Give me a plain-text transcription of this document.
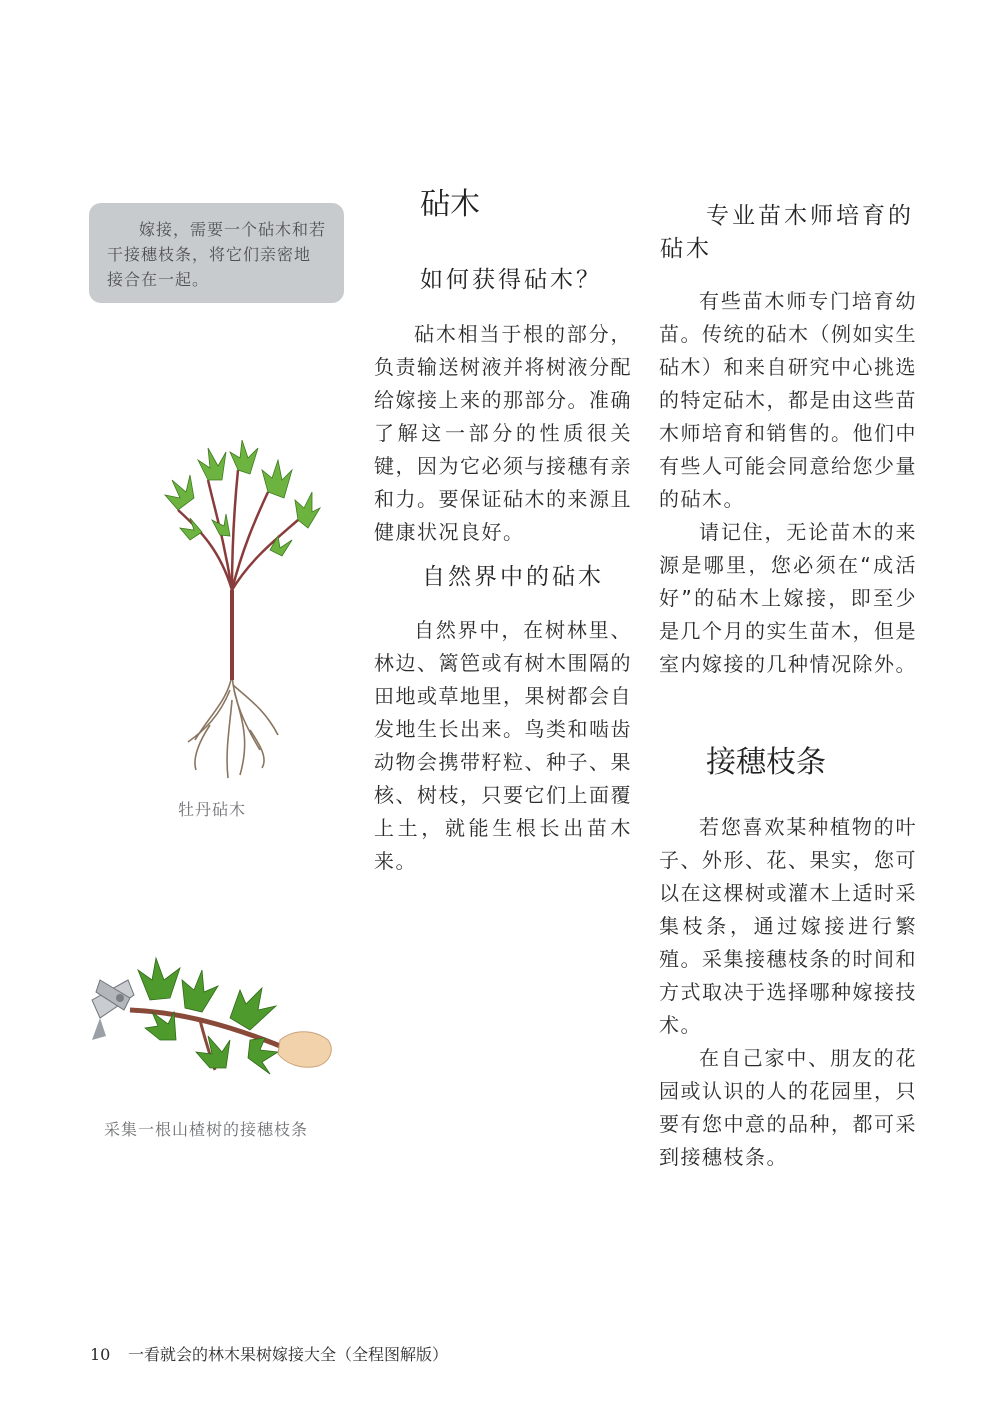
嫁接，需要一个砧木和若干接穗枝条，将它们亲密地接合在一起。

牡丹砧木
采集一根山楂树的接穗枝条
砧木
如何获得砧木？

砧木相当于根的部分，负责输送树液并将树液分配给嫁接上来的那部分。准确了解这一部分的性质很关键，因为它必须与接穗有亲和力。要保证砧木的来源且健康状况良好。

自然界中的砧木

自然界中，在树林里、林边、篱笆或有树木围隔的田地或草地里，果树都会自发地生长出来。鸟类和啮齿动物会携带籽粒、种子、果核、树枝，只要它们上面覆上土，就能生根长出苗木来。

专业苗木师培育的砧木

有些苗木师专门培育幼苗。传统的砧木（例如实生砧木）和来自研究中心挑选的特定砧木，都是由这些苗木师培育和销售的。他们中有些人可能会同意给您少量的砧木。

请记住，无论苗木的来源是哪里，您必须在“成活好”的砧木上嫁接，即至少是几个月的实生苗木，但是室内嫁接的几种情况除外。

接穗枝条

若您喜欢某种植物的叶子、外形、花、果实，您可以在这棵树或灌木上适时采集枝条，通过嫁接进行繁殖。采集接穗枝条的时间和方式取决于选择哪种嫁接技术。

在自己家中、朋友的花园或认识的人的花园里，只要有您中意的品种，都可采到接穗枝条。

10 一看就会的林木果树嫁接大全（全程图解版）
